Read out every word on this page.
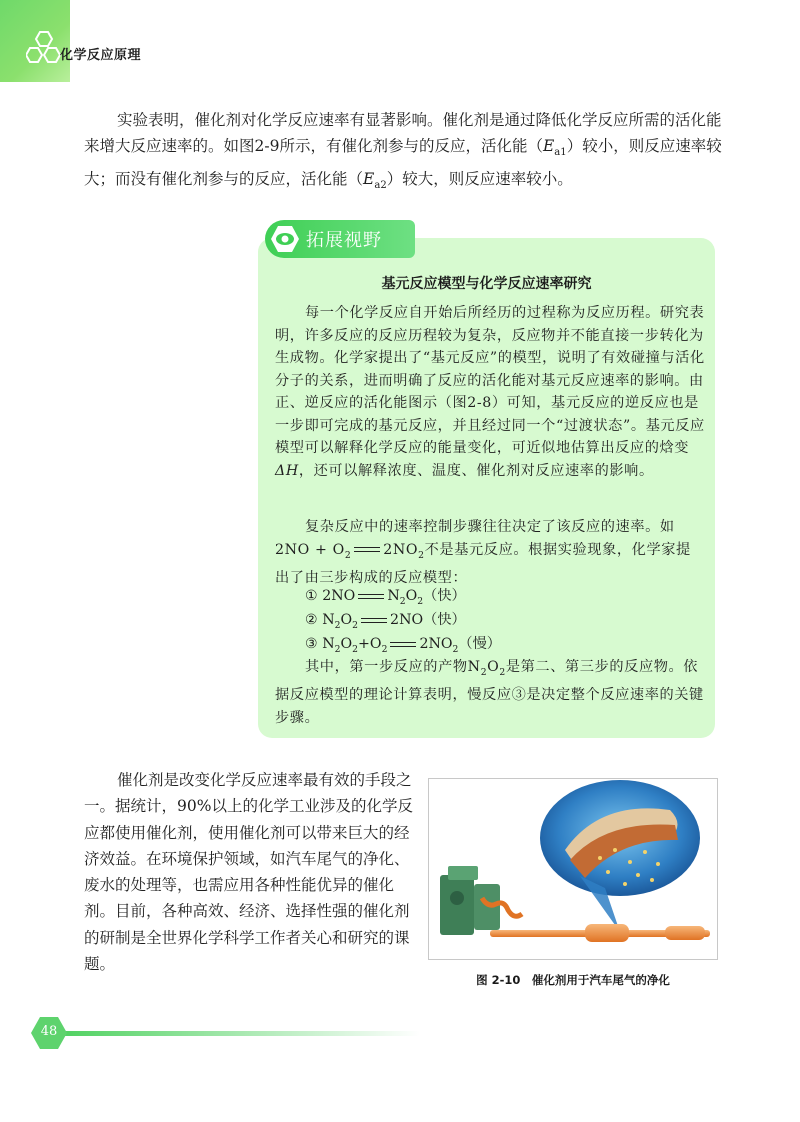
化学反应原理
实验表明，催化剂对化学反应速率有显著影响。催化剂是通过降低化学反应所需的活化能来增大反应速率的。如图2-9所示，有催化剂参与的反应，活化能$(E_{a1})$较小，则反应速率较大；而没有催化剂参与的反应，活化能$(E_{a2})$较大，则反应速率较小。
拓展视野
基元反应模型与化学反应速率研究
每一个化学反应自开始后所经历的过程称为反应历程。研究表明，许多反应的反应历程较为复杂，反应物并不能直接一步转化为生成物。化学家提出了“基元反应”的模型，说明了有效碰撞与活化分子的关系，进而明确了反应的活化能对基元反应速率的影响。由正、逆反应的活化能图示（图2-8）可知，基元反应的逆反应也是一步即可完成的基元反应，并且经过同一个“过渡状态”。基元反应模型可以解释化学反应的能量变化，可近似地估算出反应的焓变ΔH，还可以解释浓度、温度、催化剂对反应速率的影响。
复杂反应中的速率控制步骤往往决定了该反应的速率。如$2NO + O_2$ $2NO_2$不是基元反应。根据实验现象，化学家提出了由三步构成的反应模型：
① 2NO $N_2O_2$（快）
② $N_2O_2$ 2NO（快）
③ $N_2O_2+O_2$ $2NO_2$（慢）
其中，第一步反应的产物$N_2O_2$是第二、第三步的反应物。依据反应模型的理论计算表明，慢反应③是决定整个反应速率的关键步骤。
催化剂是改变化学反应速率最有效的手段之一。据统计，90%以上的化学工业涉及的化学反应都使用催化剂，使用催化剂可以带来巨大的经济效益。在环境保护领域，如汽车尾气的净化、废水的处理等，也需应用各种性能优异的催化剂。目前，各种高效、经济、选择性强的催化剂的研制是全世界化学科学工作者关心和研究的课题。
图 2-10　催化剂用于汽车尾气的净化
48
